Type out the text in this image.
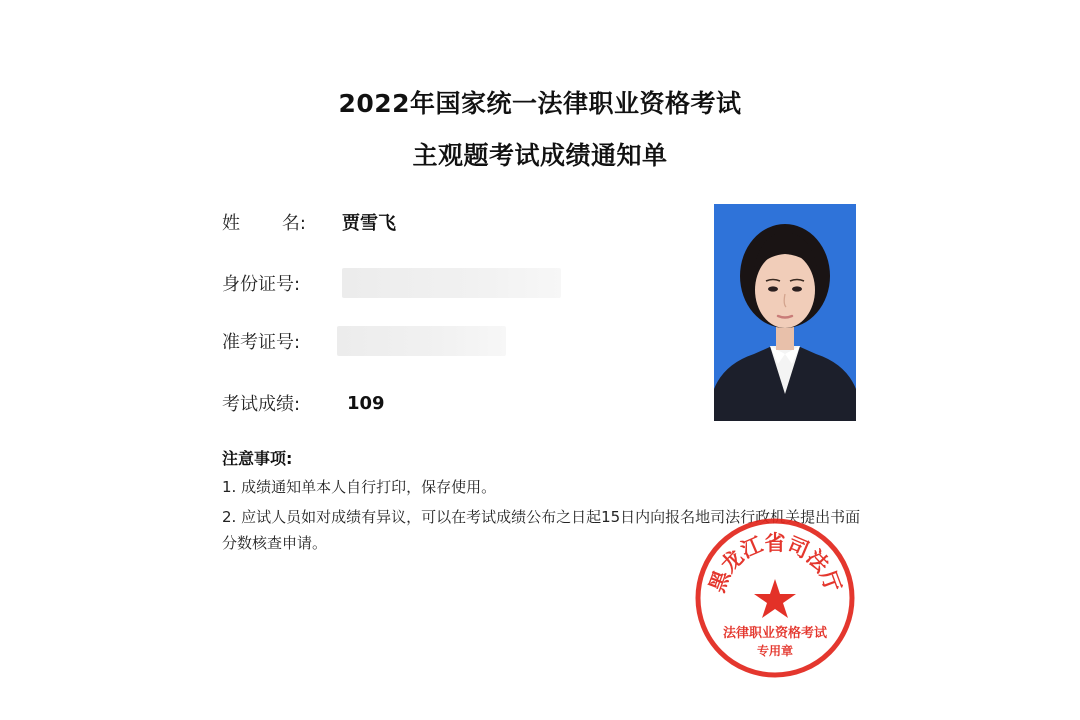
2022年国家统一法律职业资格考试
主观题考试成绩通知单
姓 名: 贾雪飞
身份证号:
准考证号:
考试成绩:	109
注意事项:
1. 成绩通知单本人自行打印，保存使用。
2. 应试人员如对成绩有异议，可以在考试成绩公布之日起15日内向报名地司法行政机关提出书面分数核查申请。
黑龙江省司法厅
法律职业资格考试
专用章
